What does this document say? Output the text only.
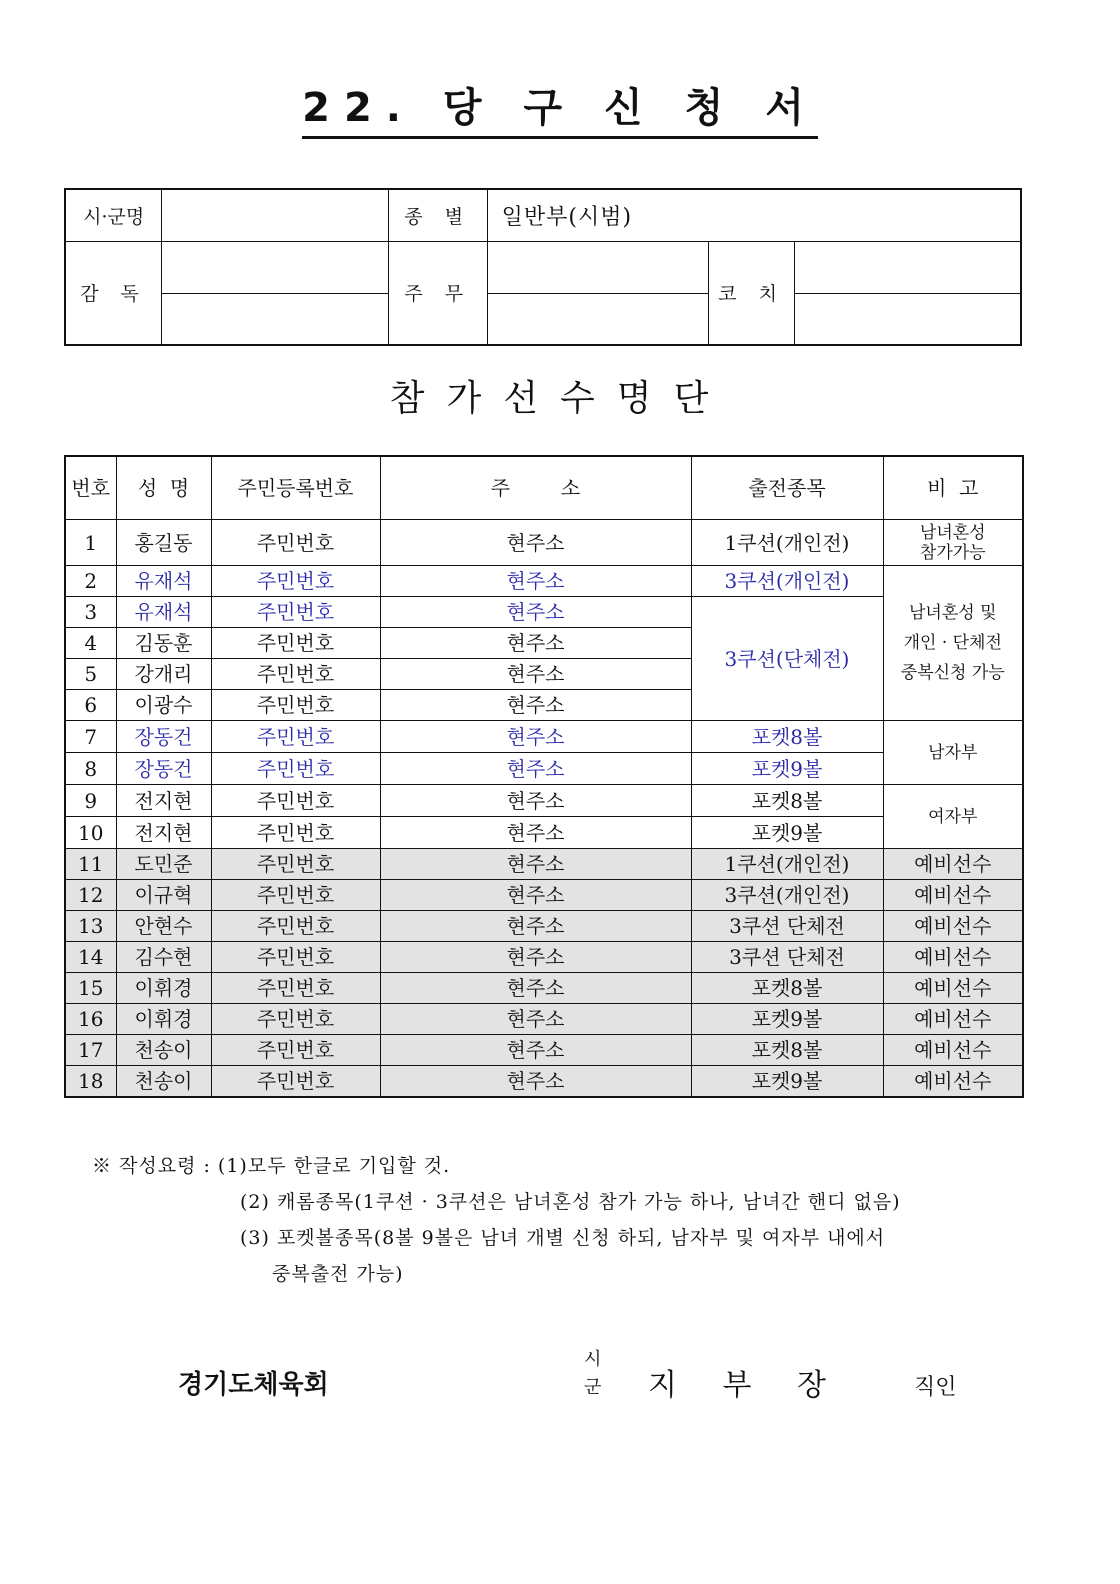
22. 당 구 신 청 서
시·군명		종 별	일반부(시범)		
감 독		주 무		코 치	

참가선수명단
번호	성  명	주민등록번호	주        소	출전종목	비  고
1	홍길동	주민번호	현주소	1쿠션(개인전)	남녀혼성
참가가능
2	유재석	주민번호	현주소	3쿠션(개인전)	남녀혼성 및
개인 · 단체전
중복신청 가능
3	유재석	주민번호	현주소	3쿠션(단체전)	
4	김동훈	주민번호	현주소		
5	강개리	주민번호	현주소		
6	이광수	주민번호	현주소		
7	장동건	주민번호	현주소	포켓8볼	남자부
8	장동건	주민번호	현주소	포켓9볼	
9	전지현	주민번호	현주소	포켓8볼	여자부
10	전지현	주민번호	현주소	포켓9볼	
11	도민준	주민번호	현주소	1쿠션(개인전)	예비선수
12	이규혁	주민번호	현주소	3쿠션(개인전)	예비선수
13	안현수	주민번호	현주소	3쿠션 단체전	예비선수
14	김수현	주민번호	현주소	3쿠션 단체전	예비선수
15	이휘경	주민번호	현주소	포켓8볼	예비선수
16	이휘경	주민번호	현주소	포켓9볼	예비선수
17	천송이	주민번호	현주소	포켓8볼	예비선수
18	천송이	주민번호	현주소	포켓9볼	예비선수
※ 작성요령 : (1)모두 한글로 기입할 것.
(2) 캐롬종목(1쿠션 · 3쿠션은 남녀혼성 참가 가능 하나, 남녀간 핸디 없음)
(3) 포켓볼종목(8볼 9볼은 남녀 개별 신청 하되, 남자부 및 여자부 내에서
중복출전 가능)
경기도체육회
시
군 지 부 장	직인
